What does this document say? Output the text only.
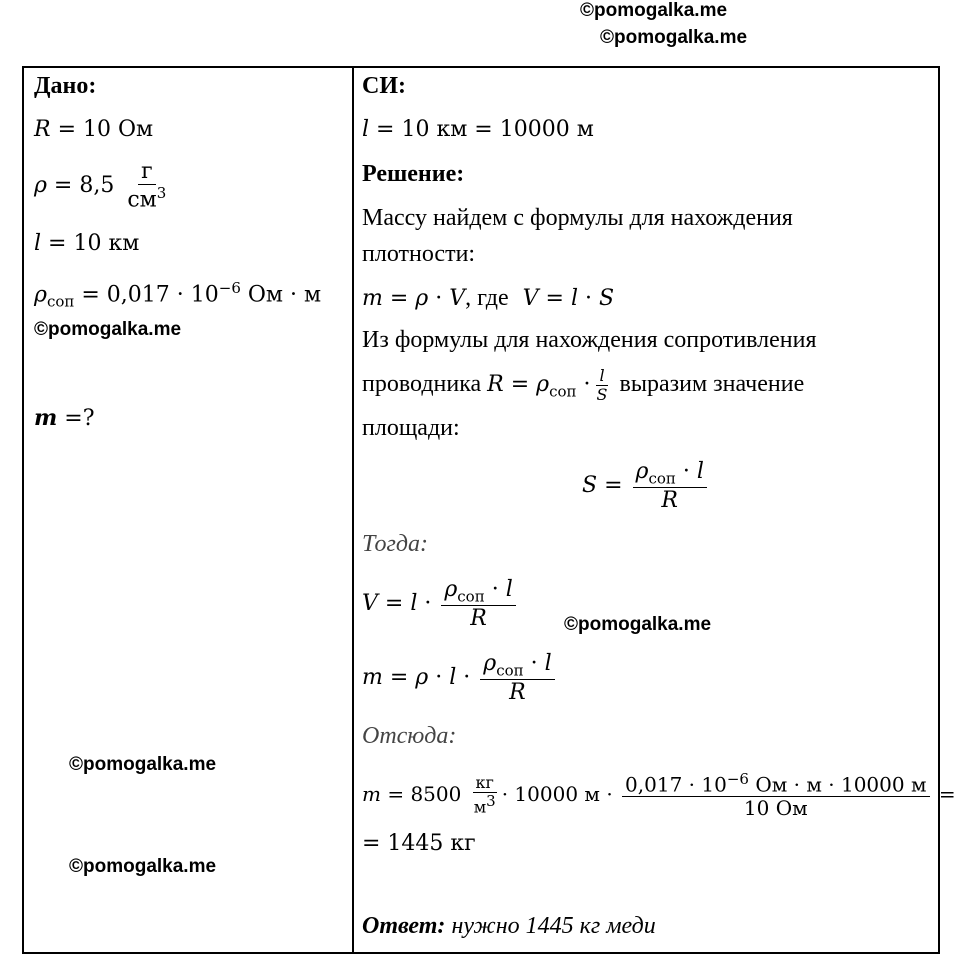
©pomogalka.me
©pomogalka.me
Дано:
R = 10 Ом
$\rho = 8,5 \frac{г}{см^3}$
l = 10 км
$\rho_{соп} = 0,017 \cdot 10^{-6}$ Ом · м
©pomogalka.me
m =?
©pomogalka.me
©pomogalka.me
СИ:
l = 10 км = 10000 м
Решение:
Массу найдем с формулы для нахождения
плотности:
m = ρ · V, где V = l · S
Из формулы для нахождения сопротивления
проводника $R = \rho_{соп} \cdot \frac{l}{S}$ выразим значение
площади:
$S = \frac{\rho_{соп} \cdot l}{R}$
Тогда:
$V = l \cdot \frac{\rho_{соп} \cdot l}{R}$	©pomogalka.me
$m = \rho \cdot l \cdot \frac{\rho_{соп} \cdot l}{R}$
Отсюда:
$m = 8500 \frac{кг}{м^3} \cdot 10000$ $м \cdot \frac{0,017 \cdot 10^{-6} Ом \cdot м \cdot 10000 м}{10 Ом}$ =
= 1445 кг
Ответ: нужно 1445 кг меди
